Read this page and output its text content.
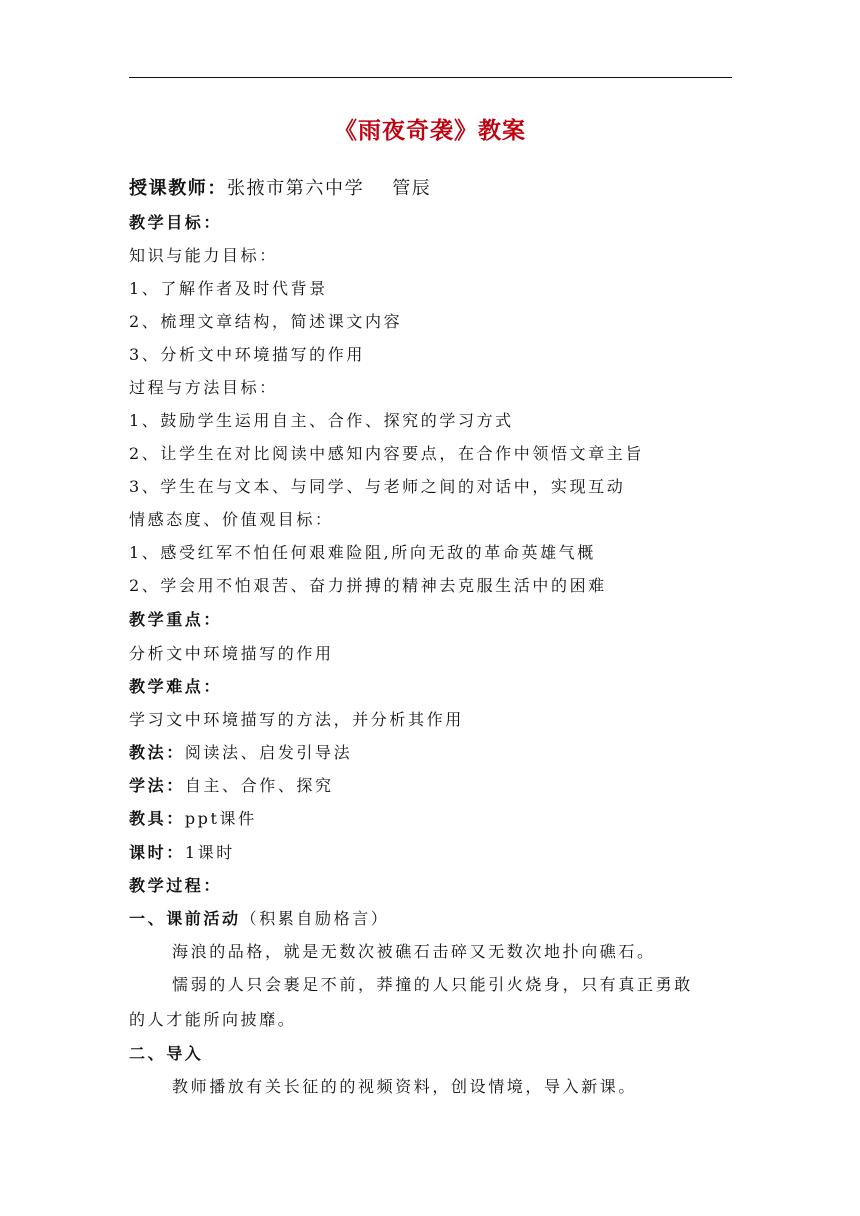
《雨夜奇袭》教案
授课教师：张掖市第六中学 管辰
教学目标：
知识与能力目标：
1、了解作者及时代背景
2、梳理文章结构，简述课文内容
3、分析文中环境描写的作用
过程与方法目标：
1、鼓励学生运用自主、合作、探究的学习方式
2、让学生在对比阅读中感知内容要点，在合作中领悟文章主旨
3、学生在与文本、与同学、与老师之间的对话中，实现互动
情感态度、价值观目标：
1、感受红军不怕任何艰难险阻,所向无敌的革命英雄气概
2、学会用不怕艰苦、奋力拼搏的精神去克服生活中的困难
教学重点：
分析文中环境描写的作用
教学难点：
学习文中环境描写的方法，并分析其作用
教法：阅读法、启发引导法
学法：自主、合作、探究
教具：ppt课件
课时：1课时
教学过程：
一、课前活动（积累自励格言）
海浪的品格，就是无数次被礁石击碎又无数次地扑向礁石。
懦弱的人只会裹足不前，莽撞的人只能引火烧身，只有真正勇敢
的人才能所向披靡。
二、导入
教师播放有关长征的的视频资料，创设情境，导入新课。
